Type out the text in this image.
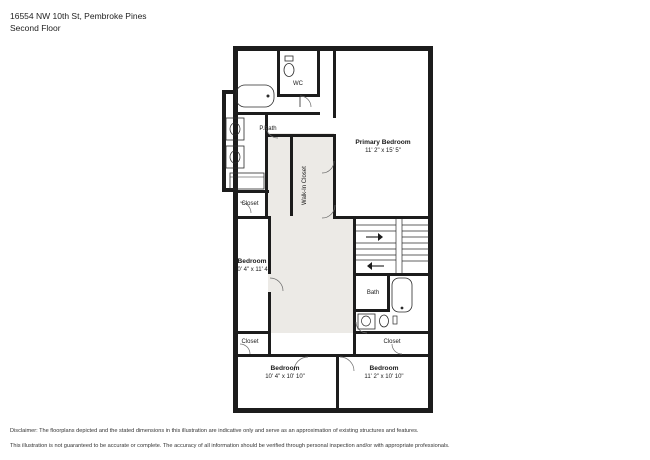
16554 NW 10th St, Pembroke Pines
Second Floor
Primary Bedroom
11' 2" x 15' 5"
Bedroom
10' 4" x 11' 4"
Bedroom
10' 4" x 10' 10"
Bedroom
11' 2" x 10' 10"
P.Bath
WC
Bath
Walk-In Closet
Closet
Closet	Closet
Disclaimer: The floorplans depicted and the stated dimensions in this illustration are indicative only and serve as an approximation of existing structures and features.
This illustration is not guaranteed to be accurate or complete. The accuracy of all information should be verified through personal inspection and/or with appropriate professionals.
